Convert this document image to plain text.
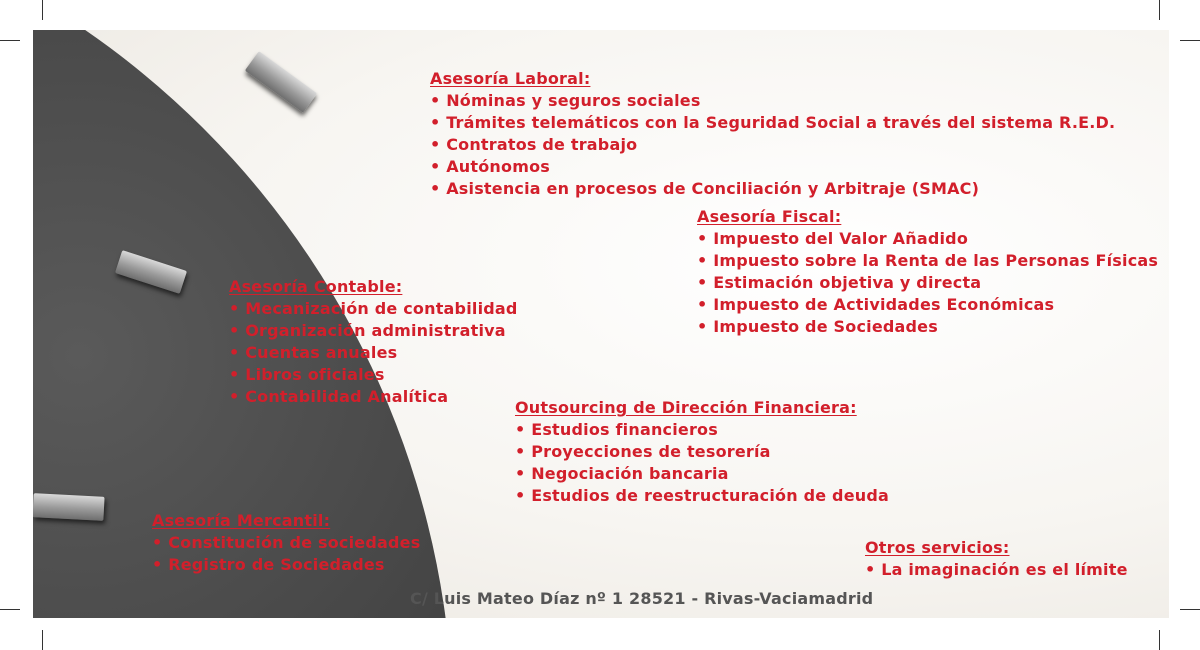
Asesoría Laboral:
• Nóminas y seguros sociales
• Trámites telemáticos con la Seguridad Social a través del sistema R.E.D.
• Contratos de trabajo
• Autónomos
• Asistencia en procesos de Conciliación y Arbitraje (SMAC)
Asesoría Fiscal:
• Impuesto del Valor Añadido
• Impuesto sobre la Renta de las Personas Físicas
• Estimación objetiva y directa
• Impuesto de Actividades Económicas
• Impuesto de Sociedades
Asesoría Contable:
• Mecanización de contabilidad
• Organización administrativa
• Cuentas anuales
• Libros oficiales
• Contabilidad Analítica
Outsourcing de Dirección Financiera:
• Estudios financieros
• Proyecciones de tesorería
• Negociación bancaria
• Estudios de reestructuración de deuda
Asesoría Mercantil:
• Constitución de sociedades
• Registro de Sociedades
Otros servicios:
• La imaginación es el límite
C/ Luis Mateo Díaz nº 1 28521 - Rivas-Vaciamadrid
